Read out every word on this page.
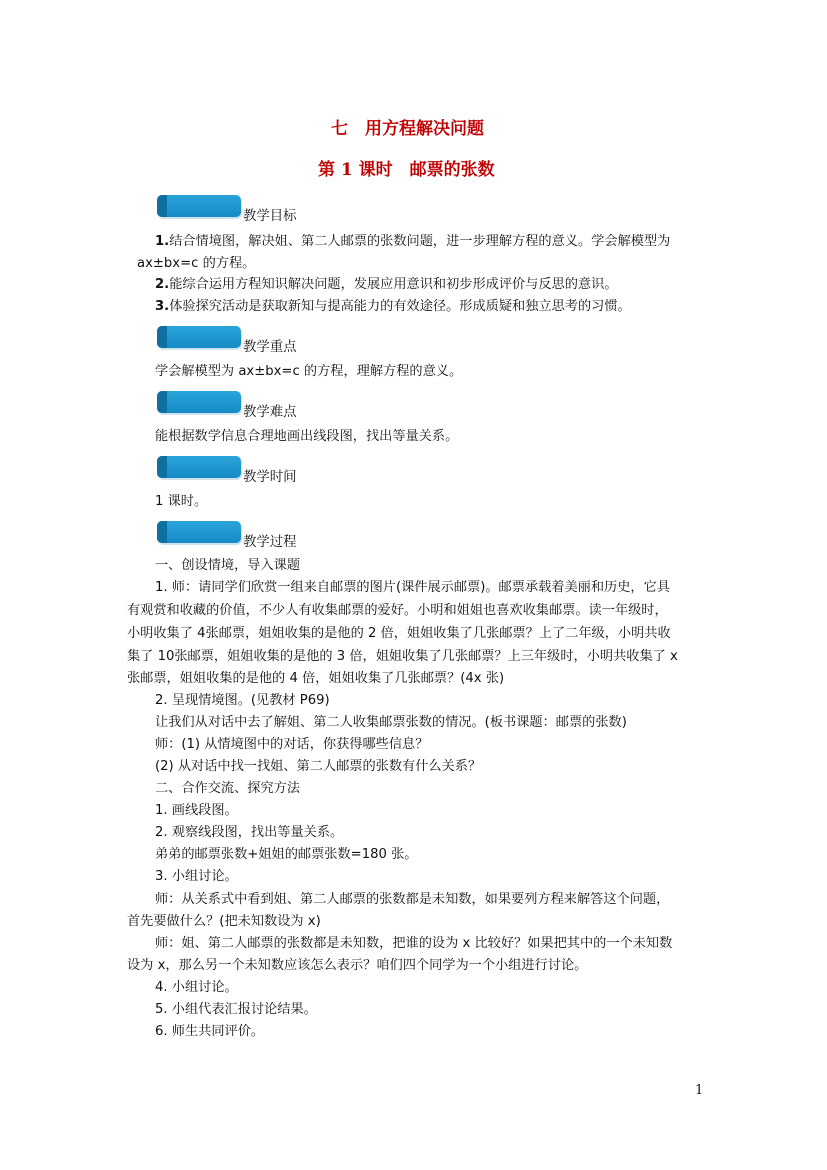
七　用方程解决问题
第 1 课时　邮票的张数
教学目标
1.结合情境图，解决姐、第二人邮票的张数问题，进一步理解方程的意义。学会解模型为
ax±bx=c 的方程。
2.能综合运用方程知识解决问题，发展应用意识和初步形成评价与反思的意识。
3.体验探究活动是获取新知与提高能力的有效途径。形成质疑和独立思考的习惯。
教学重点
学会解模型为 ax±bx=c 的方程，理解方程的意义。
教学难点
能根据数学信息合理地画出线段图，找出等量关系。
教学时间
1 课时。
教学过程
一、创设情境，导入课题
1. 师：请同学们欣赏一组来自邮票的图片(课件展示邮票)。邮票承载着美丽和历史，它具
有观赏和收藏的价值，不少人有收集邮票的爱好。小明和姐姐也喜欢收集邮票。读一年级时，
小明收集了 4张邮票，姐姐收集的是他的 2 倍，姐姐收集了几张邮票？上了二年级，小明共收
集了 10张邮票，姐姐收集的是他的 3 倍，姐姐收集了几张邮票？上三年级时，小明共收集了 x
张邮票，姐姐收集的是他的 4 倍，姐姐收集了几张邮票？(4x 张)
2. 呈现情境图。(见教材 P69)
让我们从对话中去了解姐、第二人收集邮票张数的情况。(板书课题：邮票的张数)
师：(1) 从情境图中的对话，你获得哪些信息？
(2) 从对话中找一找姐、第二人邮票的张数有什么关系？
二、合作交流、探究方法
1. 画线段图。
2. 观察线段图，找出等量关系。
弟弟的邮票张数+姐姐的邮票张数=180 张。
3. 小组讨论。
师：从关系式中看到姐、第二人邮票的张数都是未知数，如果要列方程来解答这个问题，
首先要做什么？(把未知数设为 x)
师：姐、第二人邮票的张数都是未知数，把谁的设为 x 比较好？如果把其中的一个未知数
设为 x，那么另一个未知数应该怎么表示？咱们四个同学为一个小组进行讨论。
4. 小组讨论。
5. 小组代表汇报讨论结果。
6. 师生共同评价。
1
